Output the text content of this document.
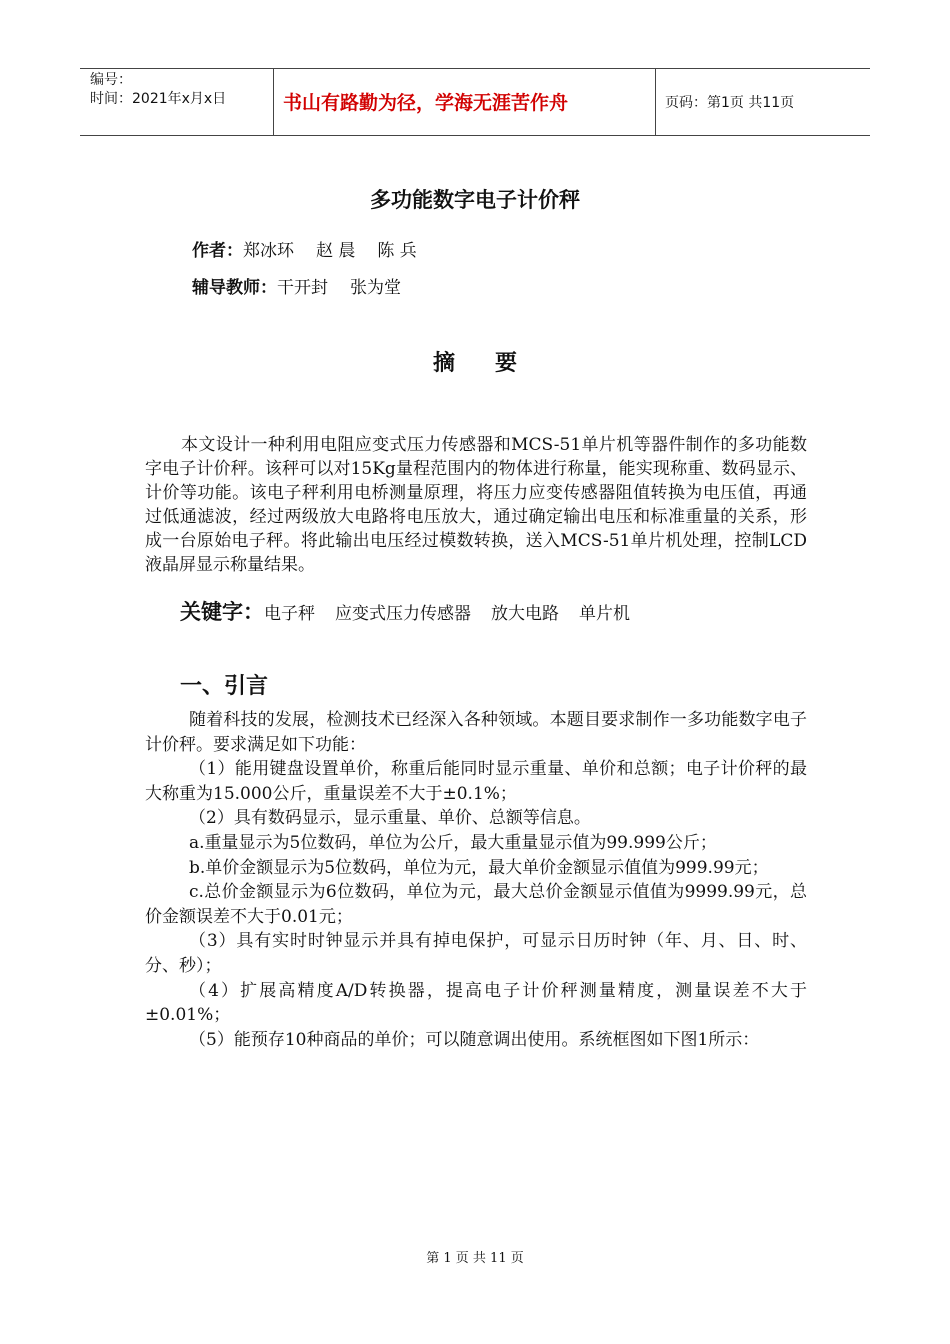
编号：
时间：2021年x月x日	书山有路勤为径，学海无涯苦作舟	页码：第1页 共11页
多功能数字电子计价秤
作者：郑冰环 赵 晨 陈 兵
辅导教师：干开封 张为堂
摘要
本文设计一种利用电阻应变式压力传感器和MCS-51单片机等器件制作的多功能数字电子计价秤。该秤可以对15Kg量程范围内的物体进行称量，能实现称重、数码显示、计价等功能。该电子秤利用电桥测量原理，将压力应变传感器阻值转换为电压值，再通过低通滤波，经过两级放大电路将电压放大，通过确定输出电压和标准重量的关系，形成一台原始电子秤。将此输出电压经过模数转换，送入MCS-51单片机处理，控制LCD液晶屏显示称量结果。
关键字：电子秤 应变式压力传感器 放大电路 单片机
一、引言

随着科技的发展，检测技术已经深入各种领域。本题目要求制作一多功能数字电子计价秤。要求满足如下功能：

（1）能用键盘设置单价，称重后能同时显示重量、单价和总额；电子计价秤的最大称重为15.000公斤，重量误差不大于±0.1%；

（2）具有数码显示，显示重量、单价、总额等信息。

a.重量显示为5位数码，单位为公斤，最大重量显示值为99.999公斤；

b.单价金额显示为5位数码，单位为元，最大单价金额显示值值为999.99元；

c.总价金额显示为6位数码，单位为元，最大总价金额显示值值为9999.99元，总价金额误差不大于0.01元；

（3）具有实时时钟显示并具有掉电保护，可显示日历时钟（年、月、日、时、分、秒）；

（4）扩展高精度A/D转换器，提高电子计价秤测量精度，测量误差不大于±0.01%；

（5）能预存10种商品的单价；可以随意调出使用。系统框图如下图1所示：

第 1 页 共 11 页
